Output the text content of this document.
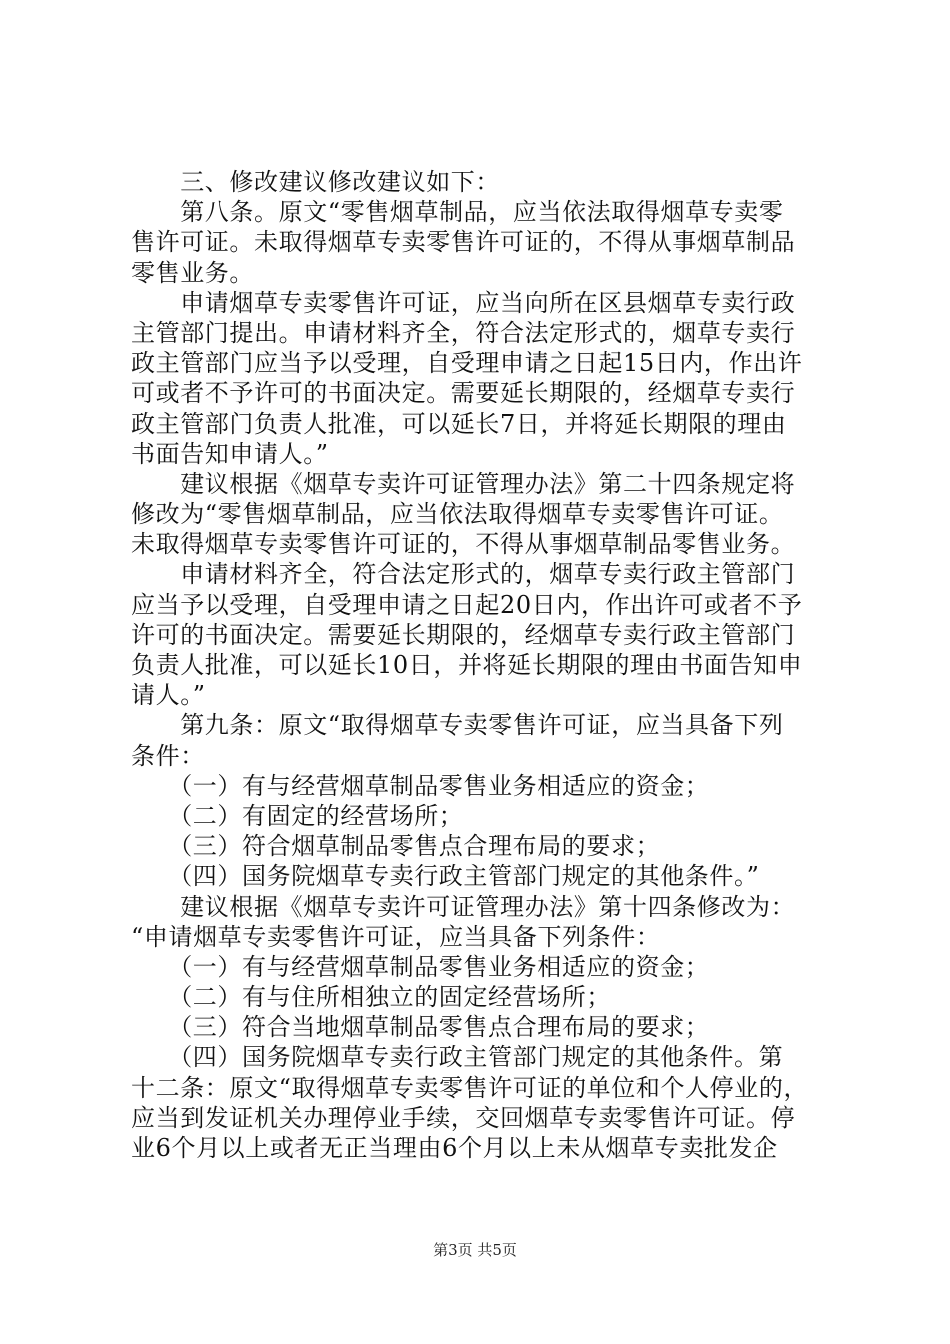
　　三、修改建议修改建议如下：
　　第八条。原文“零售烟草制品，应当依法取得烟草专卖零
售许可证。未取得烟草专卖零售许可证的，不得从事烟草制品
零售业务。
　　申请烟草专卖零售许可证，应当向所在区县烟草专卖行政
主管部门提出。申请材料齐全，符合法定形式的，烟草专卖行
政主管部门应当予以受理，自受理申请之日起15日内，作出许
可或者不予许可的书面决定。需要延长期限的，经烟草专卖行
政主管部门负责人批准，可以延长7日，并将延长期限的理由
书面告知申请人。”
　　建议根据《烟草专卖许可证管理办法》第二十四条规定将
修改为“零售烟草制品，应当依法取得烟草专卖零售许可证。
未取得烟草专卖零售许可证的，不得从事烟草制品零售业务。
　　申请材料齐全，符合法定形式的，烟草专卖行政主管部门
应当予以受理，自受理申请之日起20日内，作出许可或者不予
许可的书面决定。需要延长期限的，经烟草专卖行政主管部门
负责人批准，可以延长10日，并将延长期限的理由书面告知申
请人。”
　　第九条：原文“取得烟草专卖零售许可证，应当具备下列
条件：
　　（一）有与经营烟草制品零售业务相适应的资金；
　　（二）有固定的经营场所；
　　（三）符合烟草制品零售点合理布局的要求；
　　（四）国务院烟草专卖行政主管部门规定的其他条件。”
　　建议根据《烟草专卖许可证管理办法》第十四条修改为：
“申请烟草专卖零售许可证，应当具备下列条件：
　　（一）有与经营烟草制品零售业务相适应的资金；
　　（二）有与住所相独立的固定经营场所；
　　（三）符合当地烟草制品零售点合理布局的要求；
　　（四）国务院烟草专卖行政主管部门规定的其他条件。第
十二条：原文“取得烟草专卖零售许可证的单位和个人停业的，
应当到发证机关办理停业手续，交回烟草专卖零售许可证。停
业6个月以上或者无正当理由6个月以上未从烟草专卖批发企
第3页 共5页
